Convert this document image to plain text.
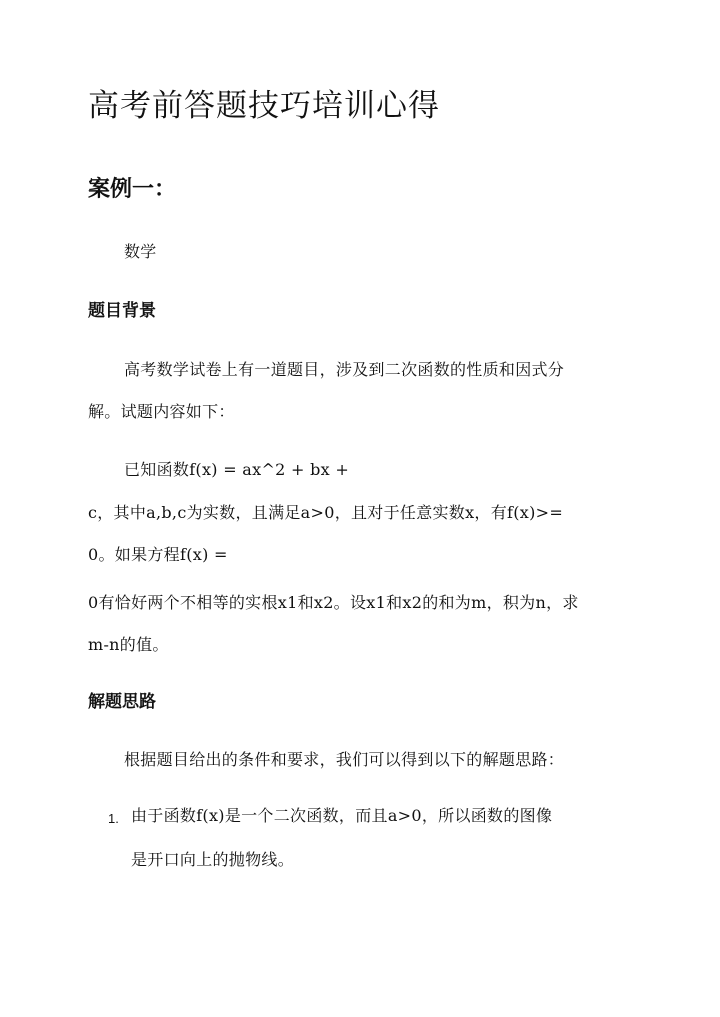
高考前答题技巧培训心得
案例一：

数学

题目背景

高考数学试卷上有一道题目，涉及到二次函数的性质和因式分

解。试题内容如下：

已知函数f(x) = ax^2 + bx +

c，其中a,b,c为实数，且满足a>0，且对于任意实数x，有f(x)>=

0。如果方程f(x) =

0有恰好两个不相等的实根x1和x2。设x1和x2的和为m，积为n，求

m-n的值。

解题思路

根据题目给出的条件和要求，我们可以得到以下的解题思路：

1. 由于函数f(x)是一个二次函数，而且a>0，所以函数的图像

是开口向上的抛物线。
